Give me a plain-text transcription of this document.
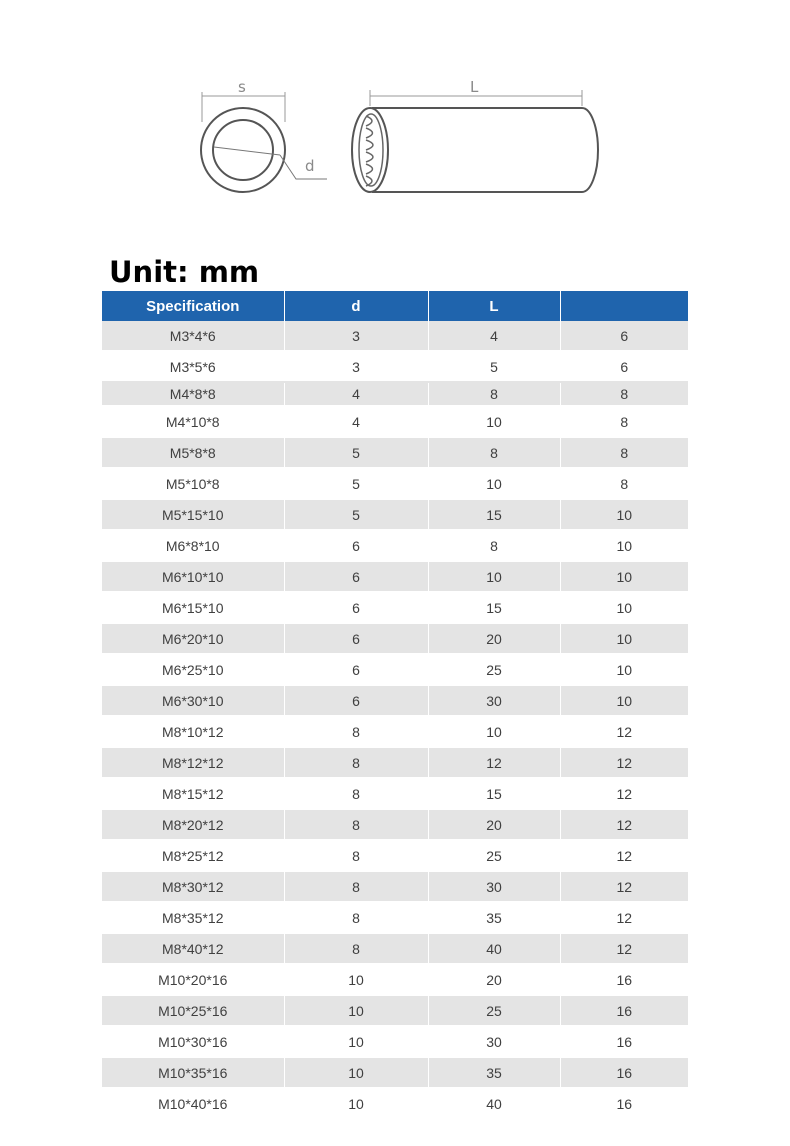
s
d
L
Unit: mm
Specification	d	L	
M3*4*6	3	4	6
M3*5*6	3	5	6
M4*8*8	4	8	8
M4*10*8	4	10	8
M5*8*8	5	8	8
M5*10*8	5	10	8
M5*15*10	5	15	10
M6*8*10	6	8	10
M6*10*10	6	10	10
M6*15*10	6	15	10
M6*20*10	6	20	10
M6*25*10	6	25	10
M6*30*10	6	30	10
M8*10*12	8	10	12
M8*12*12	8	12	12
M8*15*12	8	15	12
M8*20*12	8	20	12
M8*25*12	8	25	12
M8*30*12	8	30	12
M8*35*12	8	35	12
M8*40*12	8	40	12
M10*20*16	10	20	16
M10*25*16	10	25	16
M10*30*16	10	30	16
M10*35*16	10	35	16
M10*40*16	10	40	16
